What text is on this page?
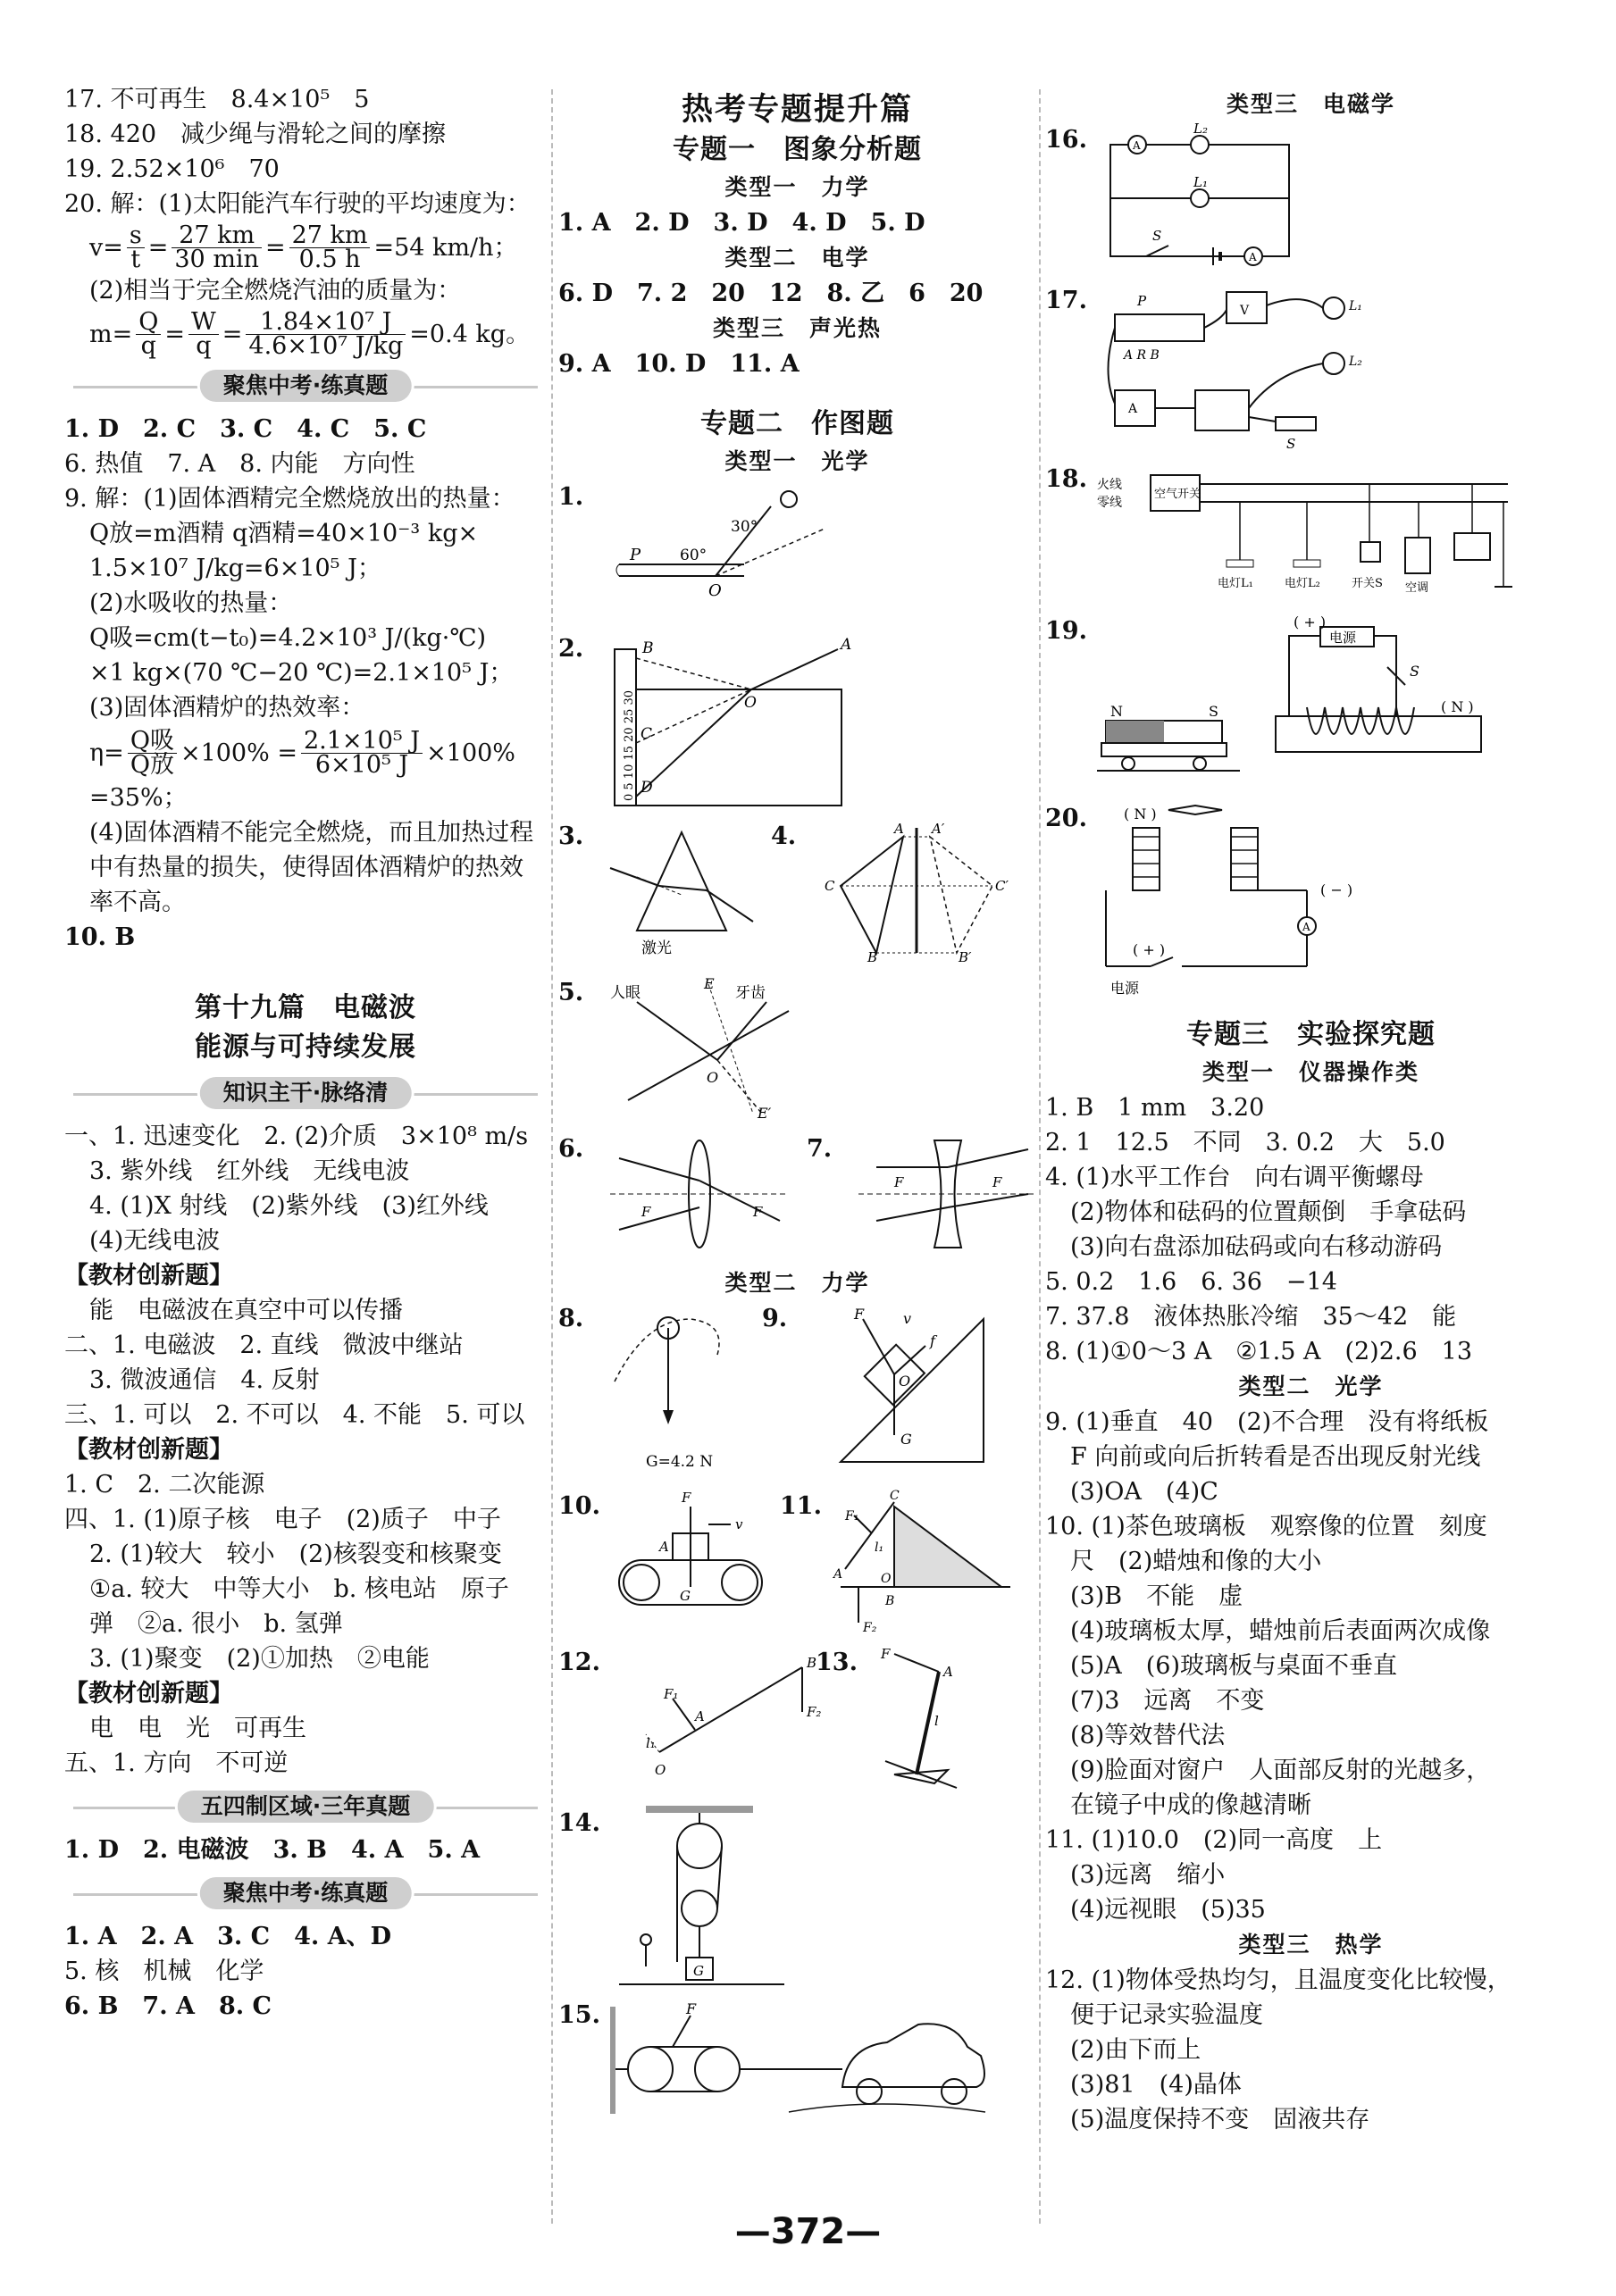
17. 不可再生　8.4×10⁵　5
18. 420　减少绳与滑轮之间的摩擦
19. 2.52×10⁶　70
20. 解：(1)太阳能汽车行驶的平均速度为：
$v= \frac{s}{t} = \frac{27 km}{30 \min} = \frac{27 km}{0.5 h} =54$ km/h；
(2)相当于完全燃烧汽油的质量为：
$m= \frac{Q}{q} = \frac{W}{q} = \frac{\text{1.84×10⁷ J}}{\text{4.6×10⁷ J/kg}} =0.4$ kg。
聚焦中考·练真题
1. D　2. C　3. C　4. C　5. C
6. 热值　7. A　8. 内能　方向性
9. 解：(1)固体酒精完全燃烧放出的热量：
Q放=m酒精 q酒精=40×10⁻³ kg×
1.5×10⁷ J/kg=6×10⁵ J；
(2)水吸收的热量：
Q吸=cm(t−t₀)=4.2×10³ J/(kg·℃)
×1 kg×(70 ℃−20 ℃)=2.1×10⁵ J；
(3)固体酒精炉的热效率：
$\eta= \frac{\text{Q吸}}{\text{Q放}} \times 100\% = \frac{\text{2.1×10⁵ J}}{\text{6×10⁵ J}} \times 100\%$
=35%；
(4)固体酒精不能完全燃烧，而且加热过程中有热量的损失，使得固体酒精炉的热效率不高。
10. B
第十九篇　电磁波
能源与可持续发展
知识主干·脉络清
一、1. 迅速变化　2. (2)介质　3×10⁸ m/s
3. 紫外线　红外线　无线电波
4. (1)X 射线　(2)紫外线　(3)红外线
(4)无线电波
【教材创新题】
能　电磁波在真空中可以传播
二、1. 电磁波　2. 直线　微波中继站
3. 微波通信　4. 反射
三、1. 可以　2. 不可以　4. 不能　5. 可以
【教材创新题】
1. C　2. 二次能源
四、1. (1)原子核　电子　(2)质子　中子
2. (1)较大　较小　(2)核裂变和核聚变
①a. 较大　中等大小　b. 核电站　原子
弹　②a. 很小　b. 氢弹
3. (1)聚变　(2)①加热　②电能
【教材创新题】
电　电　光　可再生
五、1. 方向　不可逆
五四制区域·三年真题
1. D　2. 电磁波　3. B　4. A　5. A
聚焦中考·练真题
1. A　2. A　3. C　4. A、D
5. 核　机械　化学
6. B　7. A　8. C
热考专题提升篇
专题一　图象分析题
类型一　力学
1. A　2. D　3. D　4. D　5. D
类型二　电学
6. D　7. 2　20　12　8. 乙　6　20
类型三　声光热
9. A　10. D　11. A
专题二　作图题
类型一　光学
1.
30°
60°
P
O
2.
0 5 10 15 20 25 30
B	A
O
C
D
3.
激光
4.	A A′
C	C′
B	B′
5.	人眼
E
牙齿
O
E′
6.
F	F
7.
F	F
类型二　力学
8.
G=4.2 N
9.	F	v
f
O
G
10.	F
v
A
G
11.	C
F₁
l₁
A	O
B
F₂
12.
F₁
A
l₁
O
B
F₂
13.	F
l
A
14.
G
15.	F
类型三　电磁学
16.	A
A
L₂
L₁
S
17.	P
A R B
V	L₁
L₂
A
S
18. 火线
零线
空气开关
电灯L₁	电灯L₂	开关S 空调
19.	( + )
电源
S
N	S	( N )
20.	( N )
A
( − )
( + )
电源
专题三　实验探究题
类型一　仪器操作类
1. B　1 mm　3.20
2. 1　12.5　不同　3. 0.2　大　5.0
4. (1)水平工作台　向右调平衡螺母
(2)物体和砝码的位置颠倒　手拿砝码
(3)向右盘添加砝码或向右移动游码
5. 0.2　1.6　6. 36　−14
7. 37.8　液体热胀冷缩　35～42　能
8. (1)①0～3 A　②1.5 A　(2)2.6　13
类型二　光学
9. (1)垂直　40　(2)不合理　没有将纸板
F 向前或向后折转看是否出现反射光线
(3)OA　(4)C
10. (1)茶色玻璃板　观察像的位置　刻度
尺　(2)蜡烛和像的大小
(3)B　不能　虚
(4)玻璃板太厚，蜡烛前后表面两次成像
(5)A　(6)玻璃板与桌面不垂直
(7)3　远离　不变
(8)等效替代法
(9)脸面对窗户　人面部反射的光越多，
在镜子中成的像越清晰
11. (1)10.0　(2)同一高度　上
(3)远离　缩小
(4)远视眼　(5)35
类型三　热学
12. (1)物体受热均匀，且温度变化比较慢，
便于记录实验温度
(2)由下而上
(3)81　(4)晶体
(5)温度保持不变　固液共存
—372—
